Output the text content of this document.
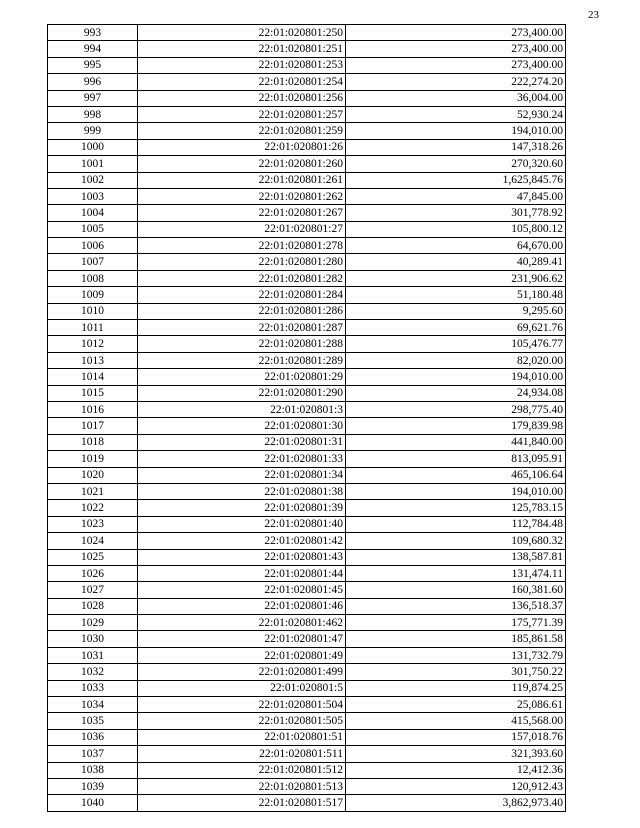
23
993	22:01:020801:250	273,400.00
994	22:01:020801:251	273,400.00
995	22:01:020801:253	273,400.00
996	22:01:020801:254	222,274.20
997	22:01:020801:256	36,004.00
998	22:01:020801:257	52,930.24
999	22:01:020801:259	194,010.00
1000	22:01:020801:26	147,318.26
1001	22:01:020801:260	270,320.60
1002	22:01:020801:261	1,625,845.76
1003	22:01:020801:262	47,845.00
1004	22:01:020801:267	301,778.92
1005	22:01:020801:27	105,800.12
1006	22:01:020801:278	64,670.00
1007	22:01:020801:280	40,289.41
1008	22:01:020801:282	231,906.62
1009	22:01:020801:284	51,180.48
1010	22:01:020801:286	9,295.60
1011	22:01:020801:287	69,621.76
1012	22:01:020801:288	105,476.77
1013	22:01:020801:289	82,020.00
1014	22:01:020801:29	194,010.00
1015	22:01:020801:290	24,934.08
1016	22:01:020801:3	298,775.40
1017	22:01:020801:30	179,839.98
1018	22:01:020801:31	441,840.00
1019	22:01:020801:33	813,095.91
1020	22:01:020801:34	465,106.64
1021	22:01:020801:38	194,010.00
1022	22:01:020801:39	125,783.15
1023	22:01:020801:40	112,784.48
1024	22:01:020801:42	109,680.32
1025	22:01:020801:43	138,587.81
1026	22:01:020801:44	131,474.11
1027	22:01:020801:45	160,381.60
1028	22:01:020801:46	136,518.37
1029	22:01:020801:462	175,771.39
1030	22:01:020801:47	185,861.58
1031	22:01:020801:49	131,732.79
1032	22:01:020801:499	301,750.22
1033	22:01:020801:5	119,874.25
1034	22:01:020801:504	25,086.61
1035	22:01:020801:505	415,568.00
1036	22:01:020801:51	157,018.76
1037	22:01:020801:511	321,393.60
1038	22:01:020801:512	12,412.36
1039	22:01:020801:513	120,912.43
1040	22:01:020801:517	3,862,973.40
